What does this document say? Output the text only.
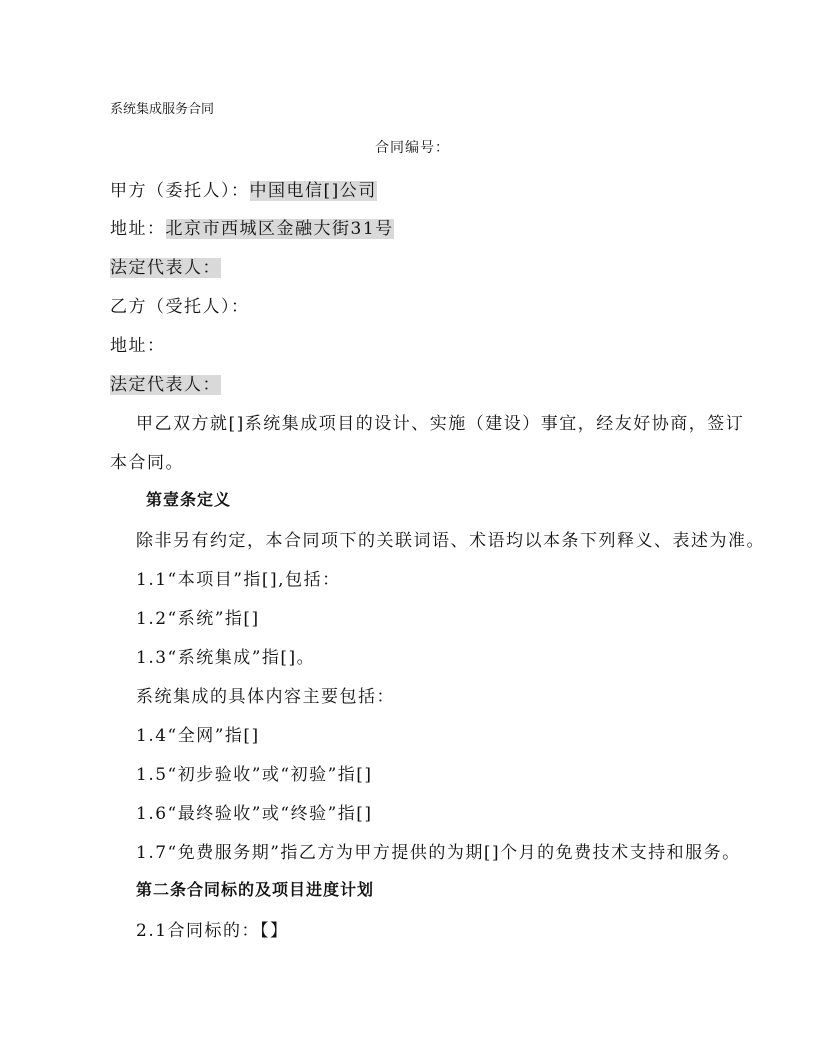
系统集成服务合同
合同编号：
甲方（委托人）：中国电信[]公司
地址：北京市西城区金融大街31号
法定代表人：
乙方（受托人）：
地址：
法定代表人：
甲乙双方就[]系统集成项目的设计、实施（建设）事宜，经友好协商，签订
本合同。
第壹条定义
除非另有约定，本合同项下的关联词语、术语均以本条下列释义、表述为准。
1.1“本项目”指[],包括：
1.2“系统”指[]
1.3“系统集成”指[]。
系统集成的具体内容主要包括：
1.4“全网”指[]
1.5“初步验收”或“初验”指[]
1.6“最终验收”或“终验”指[]
1.7“免费服务期”指乙方为甲方提供的为期[]个月的免费技术支持和服务。
第二条合同标的及项目进度计划
2.1合同标的：【】
